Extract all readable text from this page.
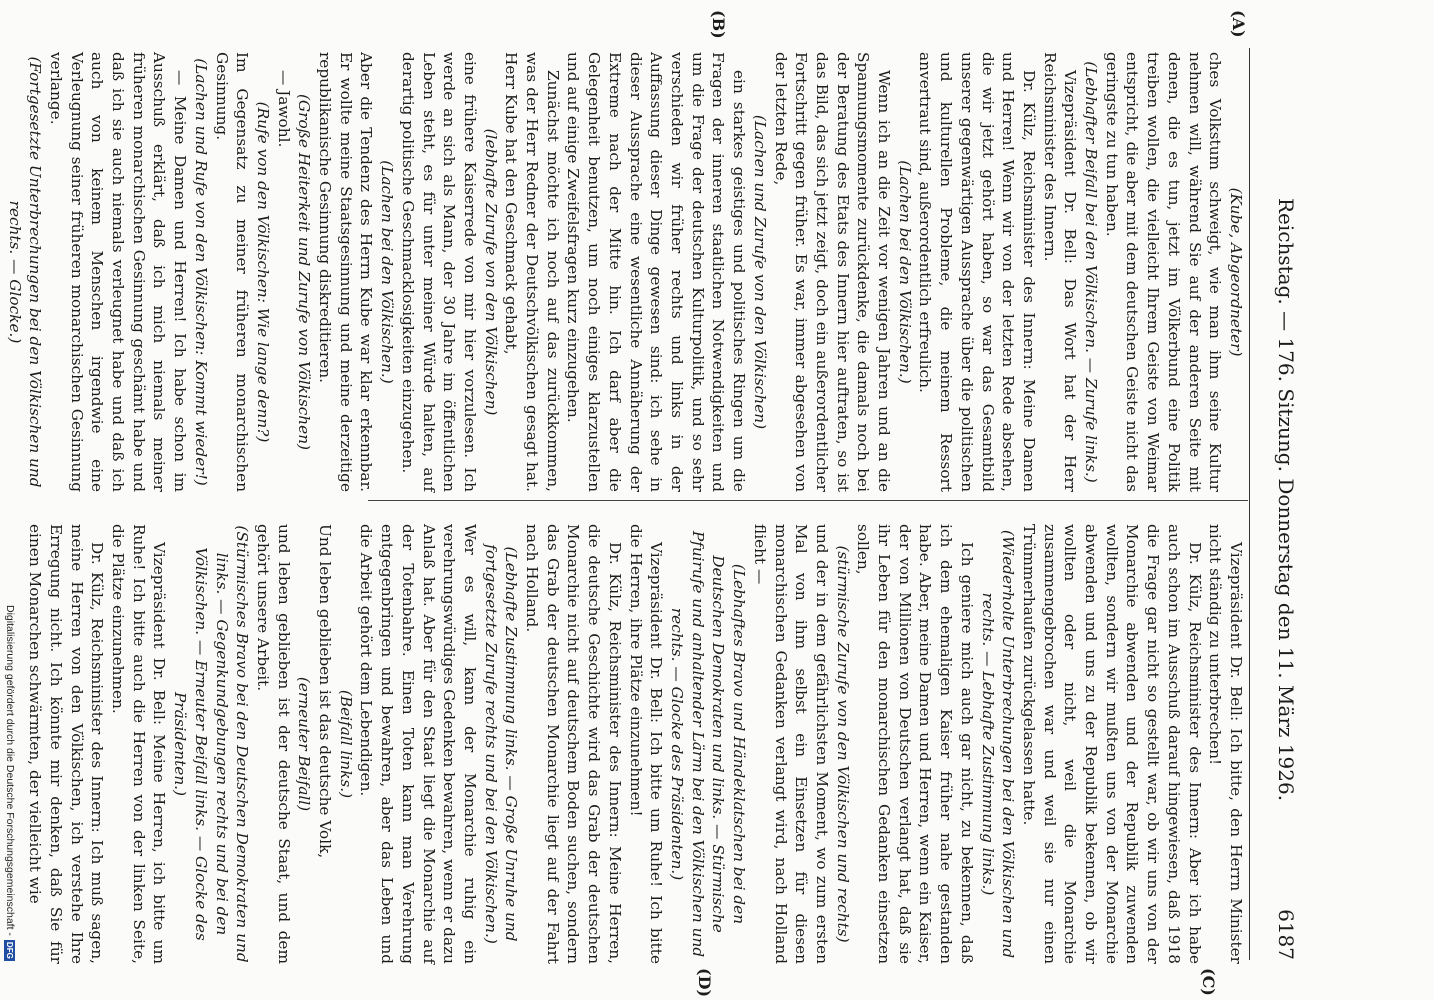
Reichstag. — 176. Sitzung. Donnerstag den 11. März 1926.
6187
(A)
(B)
(C)
(D)

(Kube, Abgeordneter)

ches Volkstum schweigt, wie man ihm seine Kultur nehmen will, während Sie auf der anderen Seite mit denen, die es tun, jetzt im Völkerbund eine Politik treiben wollen, die vielleicht Ihrem Geiste von Weimar entspricht, die aber mit dem deutschen Geiste nicht das geringste zu tun haben.

(Lebhafter Beifall bei den Völkischen. — Zurufe links.)

Vizepräsident Dr. Bell: Das Wort hat der Herr Reichsminister des Innern.

Dr. Külz, Reichsminister des Innern: Meine Damen und Herren! Wenn wir von der letzten Rede absehen, die wir jetzt gehört haben, so war das Gesamtbild unserer gegenwärtigen Aussprache über die politischen und kulturellen Probleme, die meinem Ressort anvertraut sind, außerordentlich erfreulich.

(Lachen bei den Völkischen.)

Wenn ich an die Zeit vor wenigen Jahren und an die Spannungsmomente zurückdenke, die damals noch bei der Beratung des Etats des Innern hier auftraten, so ist das Bild, das sich jetzt zeigt, doch ein außerordentlicher Fortschritt gegen früher. Es war, immer abgesehen von der letzten Rede,

(Lachen und Zurufe von den Völkischen)

ein starkes geistiges und politisches Ringen um die Fragen der inneren staatlichen Notwendigkeiten und um die Frage der deutschen Kulturpolitik, und so sehr verschieden wir früher rechts und links in der Auffassung dieser Dinge gewesen sind: ich sehe in dieser Aussprache eine wesentliche Annäherung der Extreme nach der Mitte hin. Ich darf aber die Gelegenheit benutzen, um noch einiges klarzustellen und auf einige Zweifelsfragen kurz einzugehen.

Zunächst möchte ich noch auf das zurückkommen, was der Herr Redner der Deutschvölkischen gesagt hat. Herr Kube hat den Geschmack gehabt,

(lebhafte Zurufe von den Völkischen)

eine frühere Kaiserrede von mir hier vorzulesen. Ich werde an sich als Mann, der 30 Jahre im öffentlichen Leben steht, es für unter meiner Würde halten, auf derartig politische Geschmacklosigkeiten einzugehen.

(Lachen bei den Völkischen.)

Aber die Tendenz des Herrn Kube war klar erkennbar. Er wollte meine Staatsgesinnung und meine derzeitige republikanische Gesinnung diskreditieren.

(Große Heiterkeit und Zurufe von Völkischen)

— Jawohl.

(Rufe von den Völkischen: Wie lange denn?)

Im Gegensatz zu meiner früheren monarchischen Gesinnung.

(Lachen und Rufe von den Völkischen: Kommt wieder!)

— Meine Damen und Herren! Ich habe schon im Ausschuß erklärt, daß ich mich niemals meiner früheren monarchischen Gesinnung geschämt habe und daß ich sie auch niemals verleugnet habe und daß ich auch von keinem Menschen irgendwie eine Verleugnung seiner früheren monarchischen Gesinnung verlange.

(Fortgesetzte Unterbrechungen bei den Völkischen und rechts. — Glocke.)

Vizepräsident Dr. Bell: Ich bitte, den Herrn Minister nicht ständig zu unterbrechen!

Dr. Külz, Reichsminister des Innern: Aber ich habe auch schon im Ausschuß darauf hingewiesen, daß 1918 die Frage gar nicht so gestellt war, ob wir uns von der Monarchie abwenden und der Republik zuwenden wollten, sondern wir mußten uns von der Monarchie abwenden und uns zu der Republik bekennen, ob wir wollten oder nicht, weil die Monarchie zusammengebrochen war und weil sie nur einen Trümmerhaufen zurückgelassen hatte.

(Wiederholte Unterbrechungen bei den Völkischen und rechts. — Lebhafte Zustimmung links.)

Ich geniere mich auch gar nicht, zu bekennen, daß ich dem ehemaligen Kaiser früher nahe gestanden habe. Aber, meine Damen und Herren, wenn ein Kaiser, der von Millionen von Deutschen verlangt hat, daß sie ihr Leben für den monarchischen Gedanken einsetzen sollen,

(stürmische Zurufe von den Völkischen und rechts)

und der in dem gefährlichsten Moment, wo zum ersten Mal von ihm selbst ein Einsetzen für diesen monarchischen Gedanken verlangt wird, nach Holland flieht —

(Lebhaftes Bravo und Händeklatschen bei den Deutschen Demokraten und links. — Stürmische Pfuirufe und anhaltender Lärm bei den Völkischen und rechts. — Glocke des Präsidenten.)

Vizepräsident Dr. Bell: Ich bitte um Ruhe! Ich bitte die Herren, ihre Plätze einzunehmen!

Dr. Külz, Reichsminister des Innern: Meine Herren, die deutsche Geschichte wird das Grab der deutschen Monarchie nicht auf deutschem Boden suchen, sondern das Grab der deutschen Monarchie liegt auf der Fahrt nach Holland.

(Lebhafte Zustimmung links. — Große Unruhe und fortgesetzte Zurufe rechts und bei den Völkischen.)

Wer es will, kann der Monarchie ruhig ein verehrungswürdiges Gedenken bewahren, wenn er dazu Anlaß hat. Aber für den Staat liegt die Monarchie auf der Totenbahre. Einen Toten kann man Verehrung entgegenbringen und bewahren, aber das Leben und die Arbeit gehört dem Lebendigen.

(Beifall links.)

Und leben geblieben ist das deutsche Volk,

(erneuter Beifall)

und leben geblieben ist der deutsche Staat, und dem gehört unsere Arbeit.

(Stürmisches Bravo bei den Deutschen Demokraten und links. — Gegenkundgebungen rechts und bei den Völkischen. — Erneuter Beifall links. — Glocke des Präsidenten.)

Vizepräsident Dr. Bell: Meine Herren, ich bitte um Ruhe! Ich bitte auch die Herren von der linken Seite, die Plätze einzunehmen.

Dr. Külz, Reichsminister des Innern: Ich muß sagen, meine Herren von den Völkischen, ich verstehe Ihre Erregung nicht. Ich könnte mir denken, daß Sie für einen Monarchen schwärmten, der vielleicht wie

Digitalisierung gefördert durch die Deutsche Forschungsgemeinschaft -
DFG
